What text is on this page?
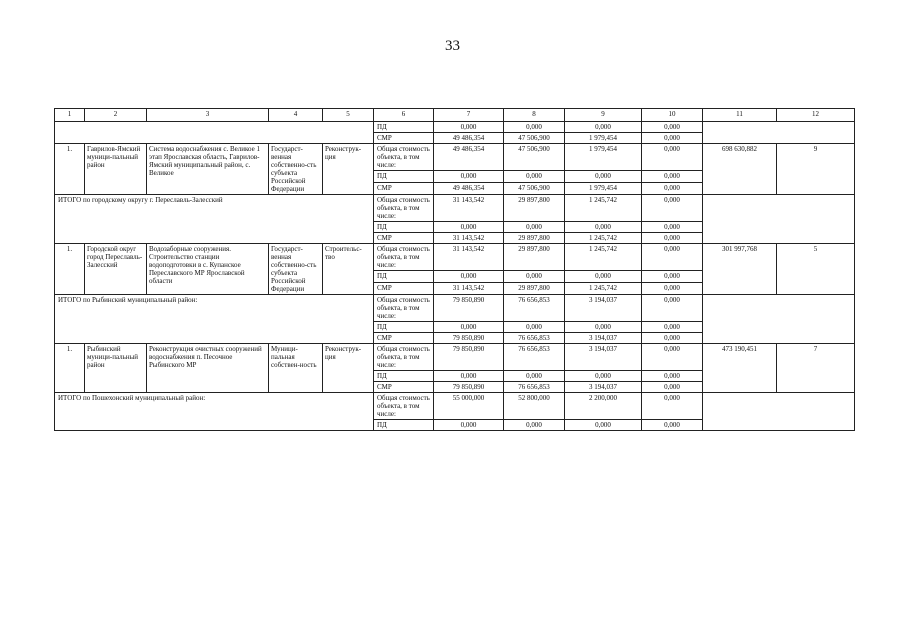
33
1	2	3	4	5	6	7	8	9	10	11	12
					ПД	0,000	0,000	0,000	0,000		
					СМР	49 486,354	47 506,900	1 979,454	0,000		
1.	Гаврилов-Ямский муници-пальный район	Система водоснабжения с. Великое 1 этап Ярославская область, Гаврилов-Ямский муниципальный район, с. Великое	Государст-венная собственно-сть субъекта Российской Федерации	Реконструк-ция	Общая стоимость объекта, в том числе:	49 486,354	47 506,900	1 979,454	0,000	698 630,882	9
					ПД	0,000	0,000	0,000	0,000		
					СМР	49 486,354	47 506,900	1 979,454	0,000		
ИТОГО по городскому округу г. Переславль-Залесский					Общая стоимость объекта, в том числе:	31 143,542	29 897,800	1 245,742	0,000		
					ПД	0,000	0,000	0,000	0,000		
					СМР	31 143,542	29 897,800	1 245,742	0,000		
1.	Городской округ город Переславль-Залесский	Водозаборные сооружения. Строительство станции водоподготовки в с. Купанское Переславского МР Ярославской области	Государст-венная собственно-сть субъекта Российской Федерации	Строительс-тво	Общая стоимость объекта, в том числе:	31 143,542	29 897,800	1 245,742	0,000	301 997,768	5
					ПД	0,000	0,000	0,000	0,000		
					СМР	31 143,542	29 897,800	1 245,742	0,000		
ИТОГО по Рыбинский муниципальный район:					Общая стоимость объекта, в том числе:	79 850,890	76 656,853	3 194,037	0,000		
					ПД	0,000	0,000	0,000	0,000		
					СМР	79 850,890	76 656,853	3 194,037	0,000		
1.	Рыбинский муници-пальный район	Реконструкция очистных сооружений водоснабжения п. Песочное Рыбинского МР	Муници-пальная собствен-ность	Реконструк-ция	Общая стоимость объекта, в том числе:	79 850,890	76 656,853	3 194,037	0,000	473 190,451	7
					ПД	0,000	0,000	0,000	0,000		
					СМР	79 850,890	76 656,853	3 194,037	0,000		
ИТОГО по Пошехонский муниципальный район:					Общая стоимость объекта, в том числе:	55 000,000	52 800,000	2 200,000	0,000		
					ПД	0,000	0,000	0,000	0,000		
